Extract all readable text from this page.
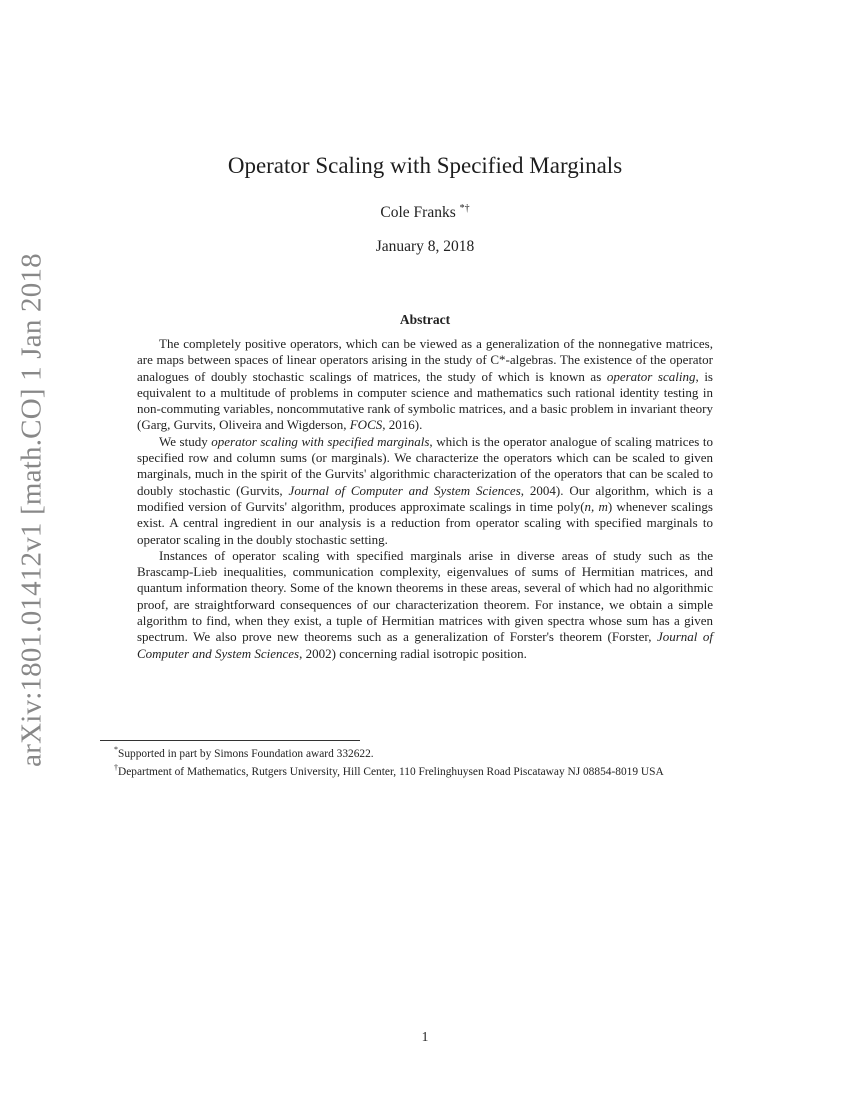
arXiv:1801.01412v1 [math.CO] 1 Jan 2018
Operator Scaling with Specified Marginals
Cole Franks *†
January 8, 2018
Abstract

The completely positive operators, which can be viewed as a generalization of the nonnegative matrices, are maps between spaces of linear operators arising in the study of C*-algebras. The existence of the operator analogues of doubly stochastic scalings of matrices, the study of which is known as operator scaling, is equivalent to a multitude of problems in computer science and mathematics such rational identity testing in non-commuting variables, noncommutative rank of symbolic matrices, and a basic problem in invariant theory (Garg, Gurvits, Oliveira and Wigderson, FOCS, 2016).

We study operator scaling with specified marginals, which is the operator analogue of scaling matrices to specified row and column sums (or marginals). We characterize the operators which can be scaled to given marginals, much in the spirit of the Gurvits' algorithmic characterization of the operators that can be scaled to doubly stochastic (Gurvits, Journal of Computer and System Sciences, 2004). Our algorithm, which is a modified version of Gurvits' algorithm, produces approximate scalings in time poly(n, m) whenever scalings exist. A central ingredient in our analysis is a reduction from operator scaling with specified marginals to operator scaling in the doubly stochastic setting.

Instances of operator scaling with specified marginals arise in diverse areas of study such as the Brascamp-Lieb inequalities, communication complexity, eigenvalues of sums of Hermitian matrices, and quantum information theory. Some of the known theorems in these areas, several of which had no algorithmic proof, are straightforward consequences of our characterization theorem. For instance, we obtain a simple algorithm to find, when they exist, a tuple of Hermitian matrices with given spectra whose sum has a given spectrum. We also prove new theorems such as a generalization of Forster's theorem (Forster, Journal of Computer and System Sciences, 2002) concerning radial isotropic position.

*Supported in part by Simons Foundation award 332622.

†Department of Mathematics, Rutgers University, Hill Center, 110 Frelinghuysen Road Piscataway NJ 08854-8019 USA

1
